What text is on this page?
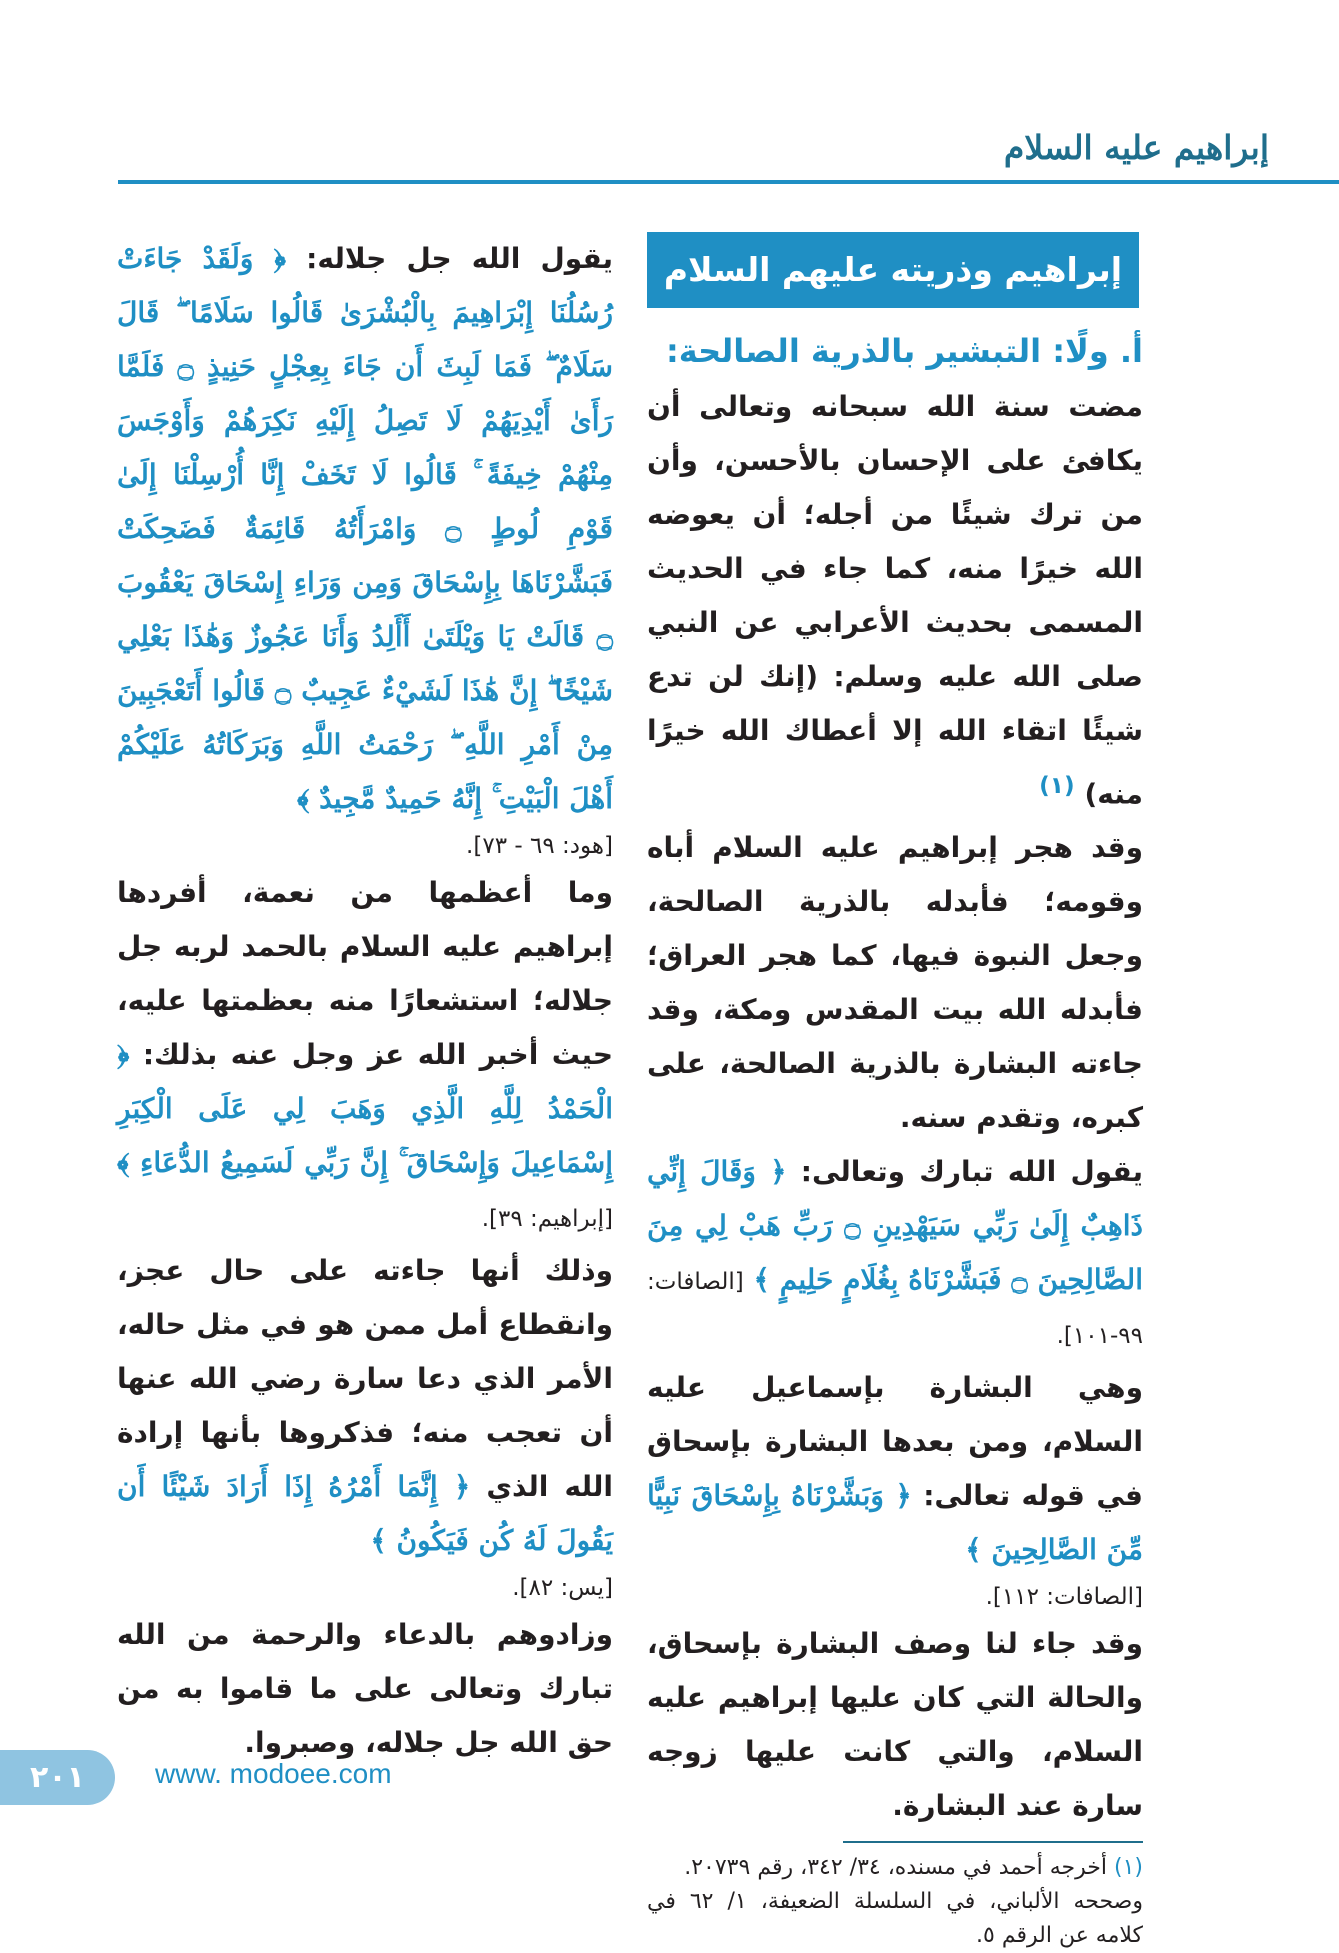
إبراهيم عليه السلام
إبراهيم وذريته عليهم السلام
أ. ولًا: التبشير بالذرية الصالحة:

مضت سنة الله سبحانه وتعالى أن يكافئ على الإحسان بالأحسن، وأن من ترك شيئًا من أجله؛ أن يعوضه الله خيرًا منه، كما جاء في الحديث المسمى بحديث الأعرابي عن النبي صلى الله عليه وسلم: (إنك لن تدع شيئًا اتقاء الله إلا أعطاك الله خيرًا منه) $^{(١)}$

وقد هجر إبراهيم عليه السلام أباه وقومه؛ فأبدله بالذرية الصالحة، وجعل النبوة فيها، كما هجر العراق؛ فأبدله الله بيت المقدس ومكة، وقد جاءته البشارة بالذرية الصالحة، على كبره، وتقدم سنه.

يقول الله تبارك وتعالى: ﴿ وَقَالَ إِنِّي ذَاهِبٌ إِلَىٰ رَبِّي سَيَهْدِينِ ۝ رَبِّ هَبْ لِي مِنَ الصَّالِحِينَ ۝ فَبَشَّرْنَاهُ بِغُلَامٍ حَلِيمٍ ﴾ [الصافات: ٩٩-١٠١].

وهي البشارة بإسماعيل عليه السلام، ومن بعدها البشارة بإسحاق في قوله تعالى: ﴿ وَبَشَّرْنَاهُ بِإِسْحَاقَ نَبِيًّا مِّنَ الصَّالِحِينَ ﴾

[الصافات: ١١٢].

وقد جاء لنا وصف البشارة بإسحاق، والحالة التي كان عليها إبراهيم عليه السلام، والتي كانت عليها زوجه سارة عند البشارة.

(١) أخرجه أحمد في مسنده، ٣٤/ ٣٤٢، رقم ٢٠٧٣٩.
وصححه الألباني، في السلسلة الضعيفة، ١/ ٦٢ في كلامه عن الرقم ٥.

يقول الله جل جلاله: ﴿ وَلَقَدْ جَاءَتْ رُسُلُنَا إِبْرَاهِيمَ بِالْبُشْرَىٰ قَالُوا سَلَامًا ۖ قَالَ سَلَامٌ ۖ فَمَا لَبِثَ أَن جَاءَ بِعِجْلٍ حَنِيذٍ ۝ فَلَمَّا رَأَىٰ أَيْدِيَهُمْ لَا تَصِلُ إِلَيْهِ نَكِرَهُمْ وَأَوْجَسَ مِنْهُمْ خِيفَةً ۚ قَالُوا لَا تَخَفْ إِنَّا أُرْسِلْنَا إِلَىٰ قَوْمِ لُوطٍ ۝ وَامْرَأَتُهُ قَائِمَةٌ فَضَحِكَتْ فَبَشَّرْنَاهَا بِإِسْحَاقَ وَمِن وَرَاءِ إِسْحَاقَ يَعْقُوبَ ۝ قَالَتْ يَا وَيْلَتَىٰ أَأَلِدُ وَأَنَا عَجُوزٌ وَهَٰذَا بَعْلِي شَيْخًا ۖ إِنَّ هَٰذَا لَشَيْءٌ عَجِيبٌ ۝ قَالُوا أَتَعْجَبِينَ مِنْ أَمْرِ اللَّهِ ۖ رَحْمَتُ اللَّهِ وَبَرَكَاتُهُ عَلَيْكُمْ أَهْلَ الْبَيْتِ ۚ إِنَّهُ حَمِيدٌ مَّجِيدٌ ﴾

[هود: ٦٩ - ٧٣].

وما أعظمها من نعمة، أفردها إبراهيم عليه السلام بالحمد لربه جل جلاله؛ استشعارًا منه بعظمتها عليه، حيث أخبر الله عز وجل عنه بذلك: ﴿ الْحَمْدُ لِلَّهِ الَّذِي وَهَبَ لِي عَلَى الْكِبَرِ إِسْمَاعِيلَ وَإِسْحَاقَ ۚ إِنَّ رَبِّي لَسَمِيعُ الدُّعَاءِ ﴾ [إبراهيم: ٣٩].

وذلك أنها جاءته على حال عجز، وانقطاع أمل ممن هو في مثل حاله، الأمر الذي دعا سارة رضي الله عنها أن تعجب منه؛ فذكروها بأنها إرادة الله الذي ﴿ إِنَّمَا أَمْرُهُ إِذَا أَرَادَ شَيْئًا أَن يَقُولَ لَهُ كُن فَيَكُونُ ﴾

[يس: ٨٢].

وزادوهم بالدعاء والرحمة من الله تبارك وتعالى على ما قاموا به من حق الله جل جلاله، وصبروا.

٢٠١	www. modoee.com
